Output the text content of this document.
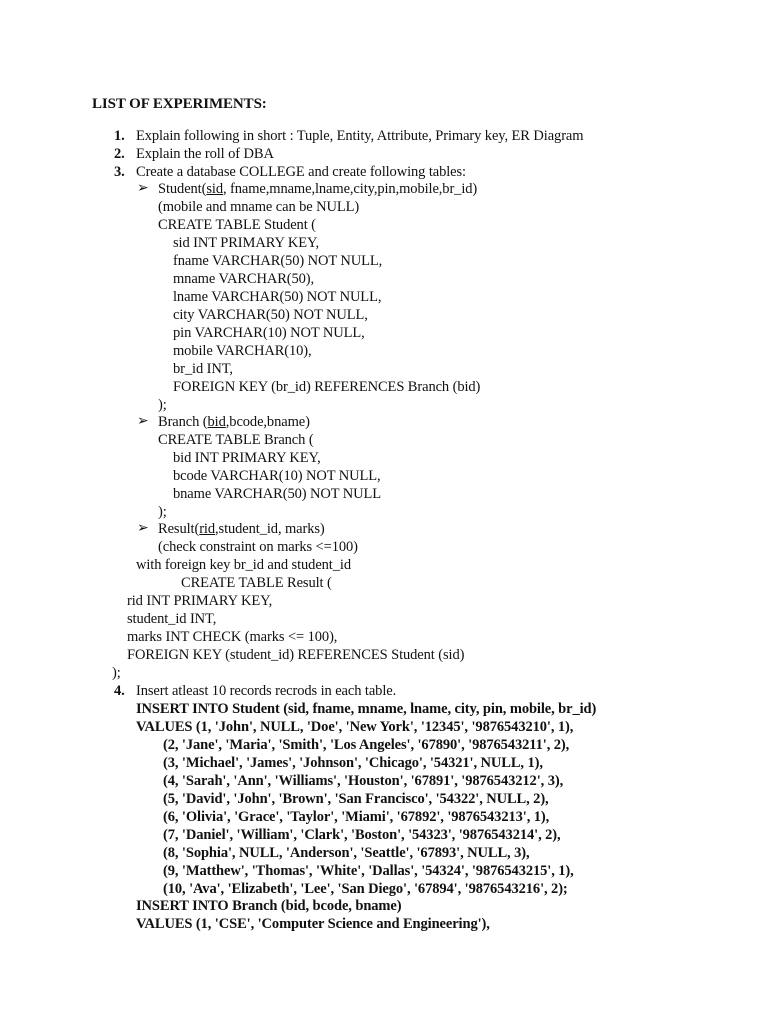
LIST OF EXPERIMENTS:
1. Explain following in short : Tuple, Entity, Attribute, Primary key, ER Diagram
2. Explain the roll of DBA
3. Create a database COLLEGE and create following tables:
➢ Student(sid, fname,mname,lname,city,pin,mobile,br_id)
(mobile and mname can be NULL)
CREATE TABLE Student (
sid INT PRIMARY KEY,
fname VARCHAR(50) NOT NULL,
mname VARCHAR(50),
lname VARCHAR(50) NOT NULL,
city VARCHAR(50) NOT NULL,
pin VARCHAR(10) NOT NULL,
mobile VARCHAR(10),
br_id INT,
FOREIGN KEY (br_id) REFERENCES Branch (bid)
);
➢ Branch (bid,bcode,bname)
CREATE TABLE Branch (
bid INT PRIMARY KEY,
bcode VARCHAR(10) NOT NULL,
bname VARCHAR(50) NOT NULL
);
➢ Result(rid,student_id, marks)
(check constraint on marks <=100)
with foreign key br_id and student_id
CREATE TABLE Result (
rid INT PRIMARY KEY,
student_id INT,
marks INT CHECK (marks <= 100),
FOREIGN KEY (student_id) REFERENCES Student (sid)
);
4. Insert atleast 10 records recrods in each table.
INSERT INTO Student (sid, fname, mname, lname, city, pin, mobile, br_id)
VALUES (1, 'John', NULL, 'Doe', 'New York', '12345', '9876543210', 1),
(2, 'Jane', 'Maria', 'Smith', 'Los Angeles', '67890', '9876543211', 2),
(3, 'Michael', 'James', 'Johnson', 'Chicago', '54321', NULL, 1),
(4, 'Sarah', 'Ann', 'Williams', 'Houston', '67891', '9876543212', 3),
(5, 'David', 'John', 'Brown', 'San Francisco', '54322', NULL, 2),
(6, 'Olivia', 'Grace', 'Taylor', 'Miami', '67892', '9876543213', 1),
(7, 'Daniel', 'William', 'Clark', 'Boston', '54323', '9876543214', 2),
(8, 'Sophia', NULL, 'Anderson', 'Seattle', '67893', NULL, 3),
(9, 'Matthew', 'Thomas', 'White', 'Dallas', '54324', '9876543215', 1),
(10, 'Ava', 'Elizabeth', 'Lee', 'San Diego', '67894', '9876543216', 2);
INSERT INTO Branch (bid, bcode, bname)
VALUES (1, 'CSE', 'Computer Science and Engineering'),
